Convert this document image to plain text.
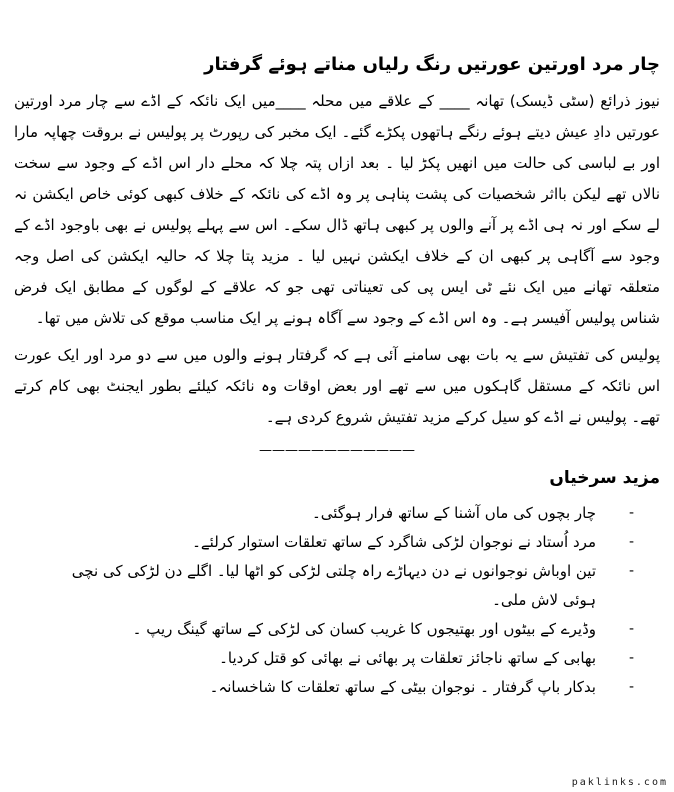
چار مرد اورتین عورتیں رنگ رلیاں مناتے ہوئے گرفتار
نیوز ذرائع (سٹی ڈیسک) تھانہ ____ کے علاقے میں محلہ ____میں ایک نائکہ کے اڈے سے چار مرد اورتین عورتیں دادِ عیش دیتے ہوئے رنگے ہاتھوں پکڑے گئے۔ ایک مخبر کی رپورٹ پر پولیس نے بروقت چھاپہ مارا اور بے لباسی کی حالت میں انھیں پکڑ لیا ۔ بعد ازاں پتہ چلا کہ محلے دار اس اڈے کے وجود سے سخت نالاں تھے لیکن بااثر شخصیات کی پشت پناہی پر وہ اڈے کی نائکہ کے خلاف کبھی کوئی خاص ایکشن نہ لے سکے اور نہ ہی اڈے پر آنے والوں پر کبھی ہاتھ ڈال سکے۔ اس سے پہلے پولیس نے بھی باوجود اڈے کے وجود سے آگاہی پر کبھی ان کے خلاف ایکشن نہیں لیا ۔ مزید پتا چلا کہ حالیہ ایکشن کی اصل وجہ متعلقہ تھانے میں ایک نئے ٹی ایس پی کی تعیناتی تھی جو کہ علاقے کے لوگوں کے مطابق ایک فرض شناس پولیس آفیسر ہے۔ وہ اس اڈے کے وجود سے آگاہ ہونے پر ایک مناسب موقع کی تلاش میں تھا۔
پولیس کی تفتیش سے یہ بات بھی سامنے آئی ہے کہ گرفتار ہونے والوں میں سے دو مرد اور ایک عورت اس نائکہ کے مستقل گاہکوں میں سے تھے اور بعض اوقات وہ نائکہ کیلئے بطور ایجنٹ بھی کام کرتے تھے۔ پولیس نے اڈے کو سیل کرکے مزید تفتیش شروع کردی ہے۔
————————————
مزید سرخیاں
-
چار بچوں کی ماں آشنا کے ساتھ فرار ہوگئی۔
-
مرد اُستاد نے نوجوان لڑکی شاگرد کے ساتھ تعلقات استوار کرلئے۔
-
تین اوباش نوجوانوں نے دن دیہاڑے راہ چلتی لڑکی کو اٹھا لیا۔ اگلے دن لڑکی کی نچی ہوئی لاش ملی۔
-
وڈیرے کے بیٹوں اور بھتیجوں کا غریب کسان کی لڑکی کے ساتھ گینگ ریپ ۔
-
بھابی کے ساتھ ناجائز تعلقات پر بھائی نے بھائی کو قتل کردیا۔
-
بدکار باپ گرفتار ۔ نوجوان بیٹی کے ساتھ تعلقات کا شاخسانہ۔
paklinks.com
